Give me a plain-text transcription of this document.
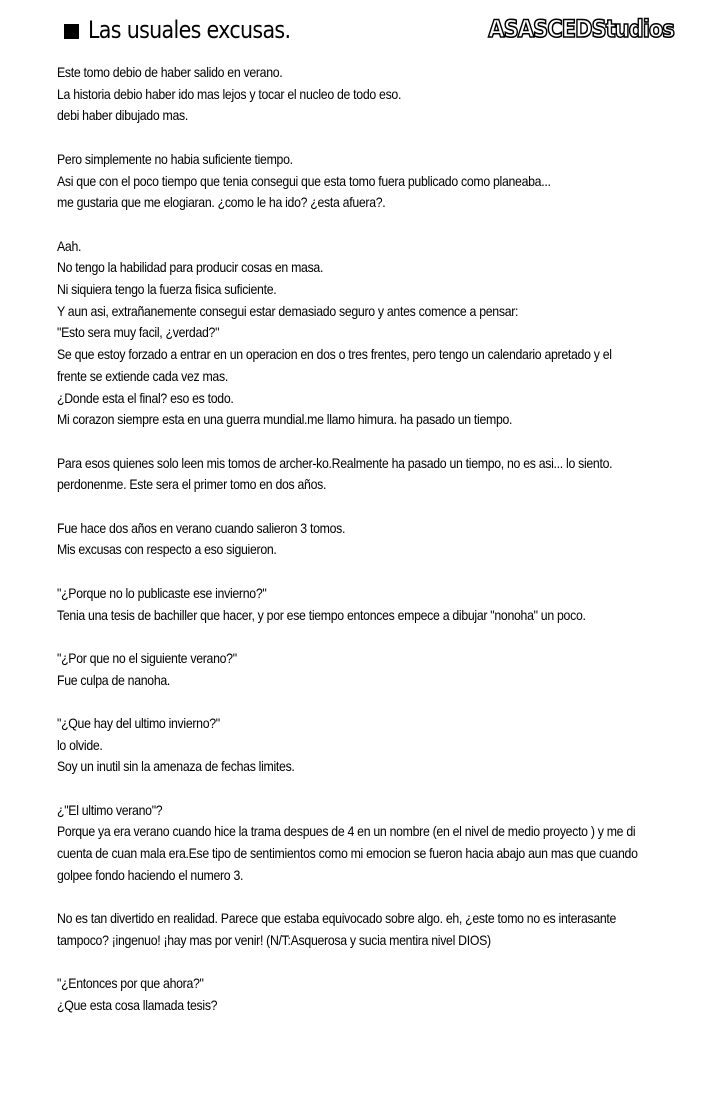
Las usuales excusas.	ASASCEDStudios
Este tomo debio de haber salido en verano.
La historia debio haber ido mas lejos y tocar el nucleo de todo eso.
debi haber dibujado mas.
Pero simplemente no habia suficiente tiempo.
Asi que con el poco tiempo que tenia consegui que esta tomo fuera publicado como planeaba...
me gustaria que me elogiaran. ¿como le ha ido? ¿esta afuera?.
Aah.
No tengo la habilidad para producir cosas en masa.
Ni siquiera tengo la fuerza fisica suficiente.
Y aun asi, extrañanemente consegui estar demasiado seguro y antes comence a pensar:
"Esto sera muy facil, ¿verdad?"
Se que estoy forzado a entrar en un operacion en dos o tres frentes, pero tengo un calendario apretado y el
frente se extiende cada vez mas.
¿Donde esta el final? eso es todo.
Mi corazon siempre esta en una guerra mundial.me llamo himura. ha pasado un tiempo.
Para esos quienes solo leen mis tomos de archer-ko.Realmente ha pasado un tiempo, no es asi... lo siento.
perdonenme. Este sera el primer tomo en dos años.
Fue hace dos años en verano cuando salieron 3 tomos.
Mis excusas con respecto a eso siguieron.
"¿Porque no lo publicaste ese invierno?"
Tenia una tesis de bachiller que hacer, y por ese tiempo entonces empece a dibujar "nonoha" un poco.
"¿Por que no el siguiente verano?"
Fue culpa de nanoha.
"¿Que hay del ultimo invierno?"
lo olvide.
Soy un inutil sin la amenaza de fechas limites.
¿"El ultimo verano"?
Porque ya era verano cuando hice la trama despues de 4 en un nombre (en el nivel de medio proyecto ) y me di
cuenta de cuan mala era.Ese tipo de sentimientos como mi emocion se fueron hacia abajo aun mas que cuando
golpee fondo haciendo el numero 3.
No es tan divertido en realidad. Parece que estaba equivocado sobre algo. eh, ¿este tomo no es interasante
tampoco? ¡ingenuo! ¡hay mas por venir! (N/T:Asquerosa y sucia mentira nivel DIOS)
"¿Entonces por que ahora?"
¿Que esta cosa llamada tesis?
